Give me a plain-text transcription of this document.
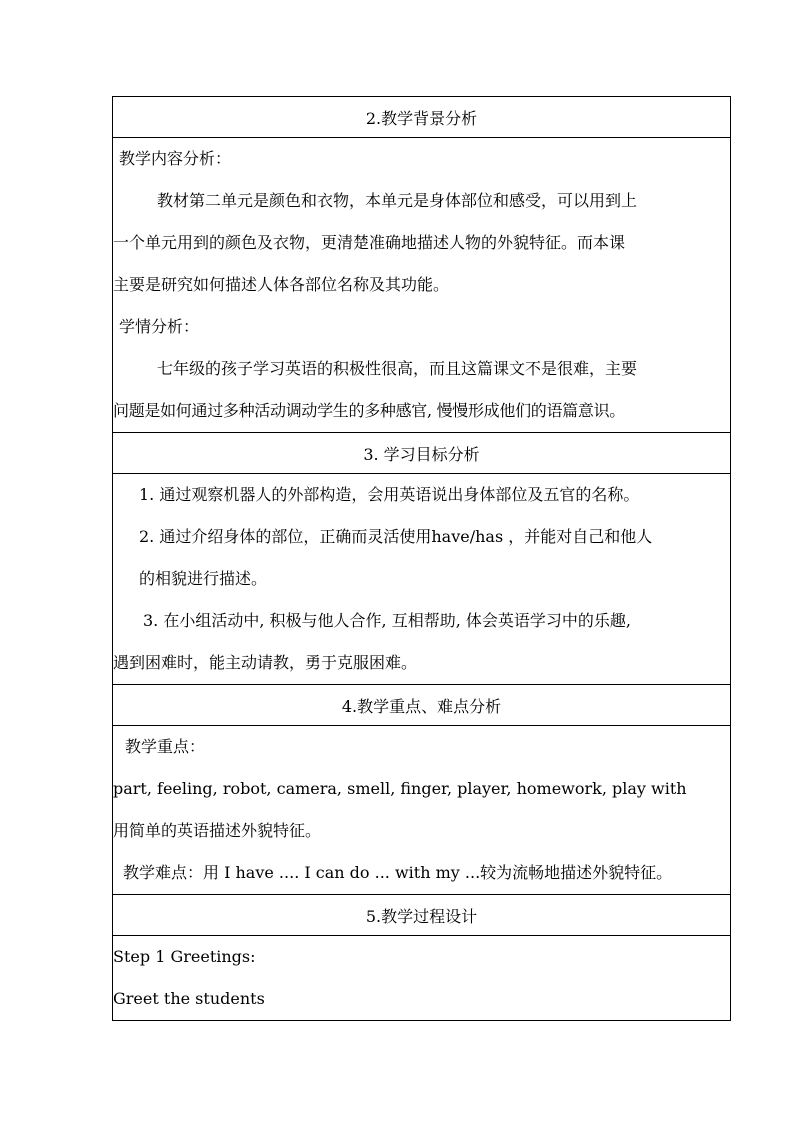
2.教学背景分析

教学内容分析：
教材第二单元是颜色和衣物，本单元是身体部位和感受，可以用到上
一个单元用到的颜色及衣物，更清楚准确地描述人物的外貌特征。而本课
主要是研究如何描述人体各部位名称及其功能。
学情分析：
七年级的孩子学习英语的积极性很高，而且这篇课文不是很难，主要
问题是如何通过多种活动调动学生的多种感官, 慢慢形成他们的语篇意识。

3. 学习目标分析

1. 通过观察机器人的外部构造，会用英语说出身体部位及五官的名称。
2. 通过介绍身体的部位，正确而灵活使用have/has ，并能对自己和他人
的相貌进行描述。
3. 在小组活动中, 积极与他人合作, 互相帮助, 体会英语学习中的乐趣,
遇到困难时，能主动请教，勇于克服困难。

4.教学重点、难点分析

教学重点：
part, feeling, robot, camera, smell, finger, player, homework, play with
用简单的英语描述外貌特征。
教学难点：用 I have .... I can do ... with my ...较为流畅地描述外貌特征。

5.教学过程设计

Step 1 Greetings:
Greet the students
